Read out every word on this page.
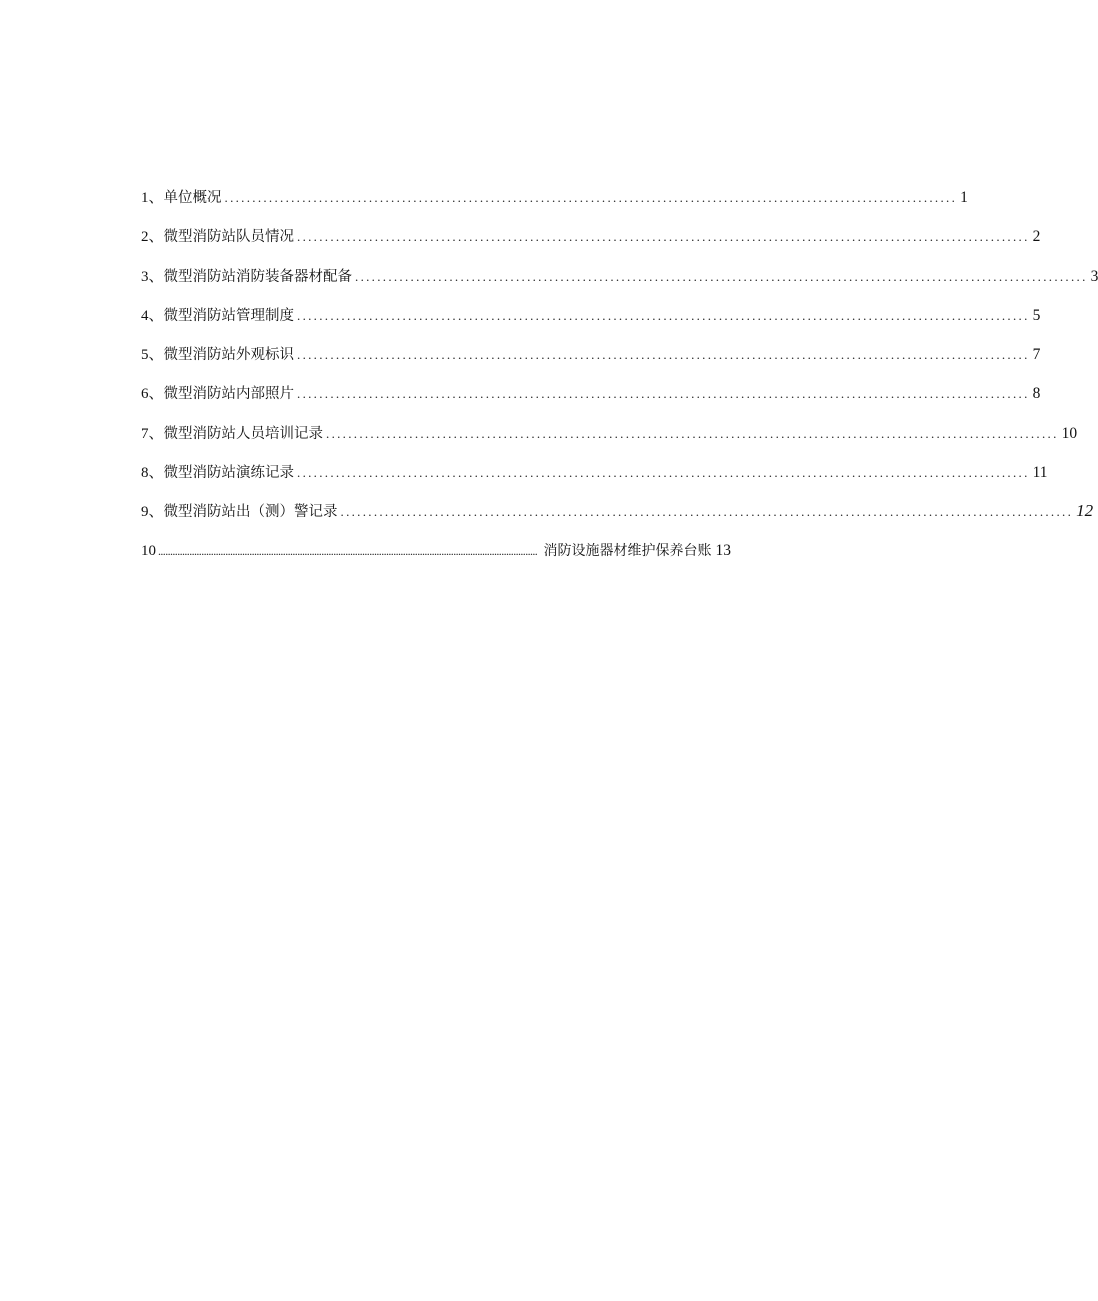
1、 单位概况 .................................................................................................................................... 1
2、 微型消防站队员情况 .................................................................................................................................... 2
3、 微型消防站消防装备器材配备 .................................................................................................................................... 3
4、 微型消防站管理制度 .................................................................................................................................... 5
5、 微型消防站外观标识 .................................................................................................................................... 7
6、 微型消防站内部照片 .................................................................................................................................... 8
7、 微型消防站人员培训记录 .................................................................................................................................... 10
8、 微型消防站演练记录 .................................................................................................................................... 11
9、 微型消防站出（测）警记录 .................................................................................................................................... 12
10 .............................................................................................................................................................. 消防设施器材维护保养台账 13
